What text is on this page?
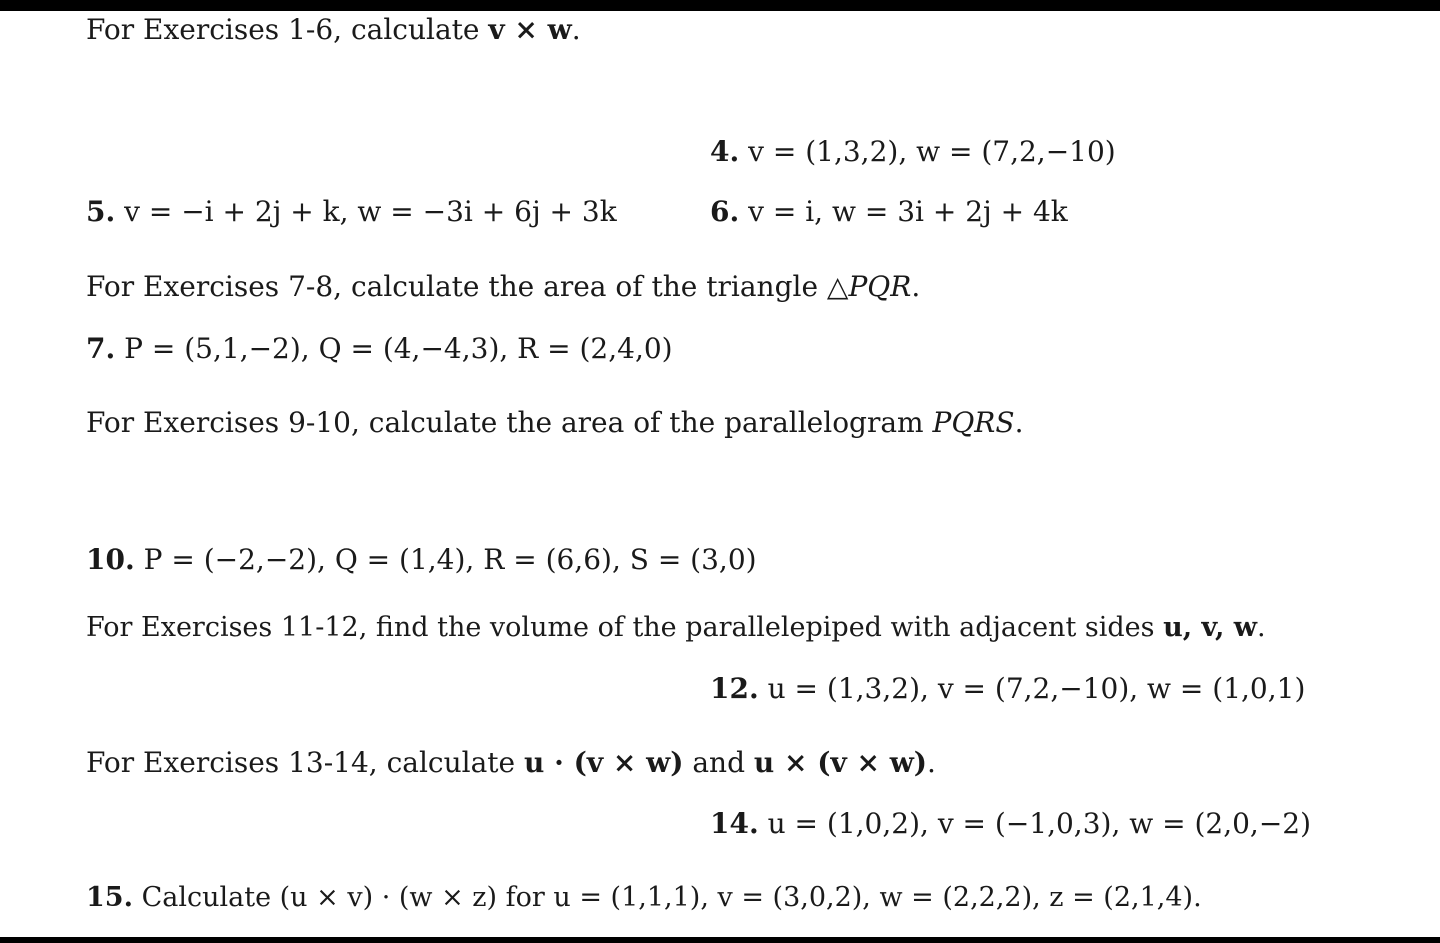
For Exercises 1-6, calculate v × w.
4. v = (1,3,2), w = (7,2,−10)
5. v = −i + 2j + k, w = −3i + 6j + 3k	6. v = i, w = 3i + 2j + 4k
For Exercises 7-8, calculate the area of the triangle △PQR.
7. P = (5,1,−2), Q = (4,−4,3), R = (2,4,0)
For Exercises 9-10, calculate the area of the parallelogram PQRS.
10. P = (−2,−2), Q = (1,4), R = (6,6), S = (3,0)
For Exercises 11-12, find the volume of the parallelepiped with adjacent sides u, v, w.
12. u = (1,3,2), v = (7,2,−10), w = (1,0,1)
For Exercises 13-14, calculate u · (v × w) and u × (v × w).
14. u = (1,0,2), v = (−1,0,3), w = (2,0,−2)
15. Calculate (u × v) · (w × z) for u = (1,1,1), v = (3,0,2), w = (2,2,2), z = (2,1,4).
